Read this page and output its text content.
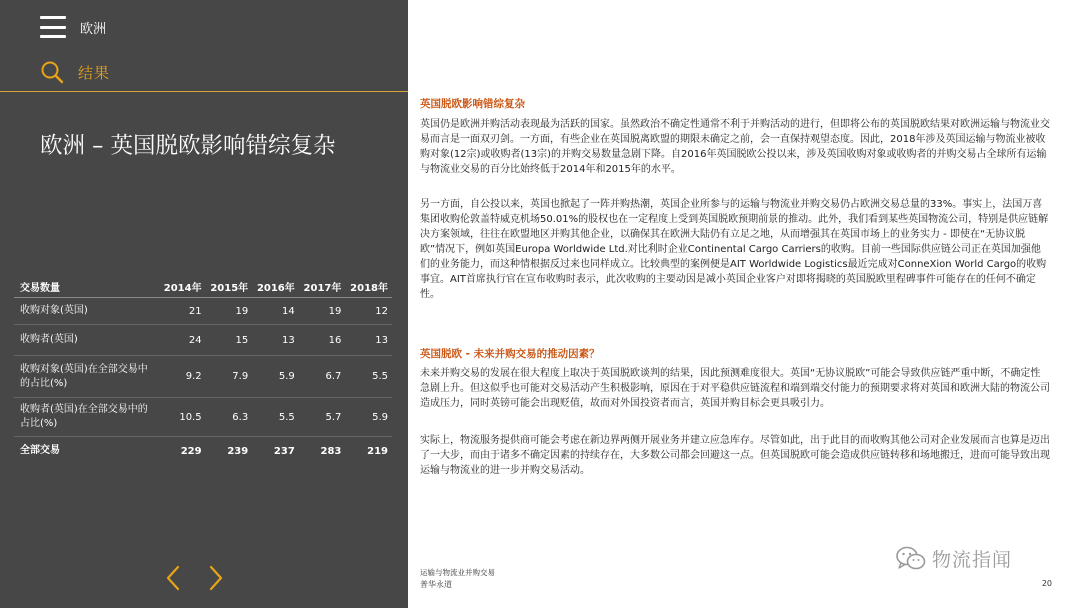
欧洲
结果
欧洲 – 英国脱欧影响错综复杂
交易数量	2014年	2015年	2016年	2017年	2018年
收购对象(英国)	21	19	14	19	12
收购者(英国)	24	15	13	16	13
收购对象(英国)在全部交易中的占比(%)	9.2	7.9	5.9	6.7	5.5
收购者(英国)在全部交易中的占比(%)	10.5	6.3	5.5	5.7	5.9
全部交易	229	239	237	283	219
英国脱欧影响错综复杂

英国仍是欧洲并购活动表现最为活跃的国家。虽然政治不确定性通常不利于并购活动的进行，但即将公布的英国脱欧结果对欧洲运输与物流业交易而言是一面双刃剑。一方面，有些企业在英国脱离欧盟的期限未确定之前，会一直保持观望态度。因此，2018年涉及英国运输与物流业被收购对象(12宗)或收购者(13宗)的并购交易数量急剧下降。自2016年英国脱欧公投以来，涉及英国收购对象或收购者的并购交易占全球所有运输与物流业交易的百分比始终低于2014年和2015年的水平。

另一方面，自公投以来，英国也掀起了一阵并购热潮，英国企业所参与的运输与物流业并购交易仍占欧洲交易总量的33%。事实上，法国万喜集团收购伦敦盖特威克机场50.01%的股权也在一定程度上受到英国脱欧预期前景的推动。此外，我们看到某些英国物流公司，特别是供应链解决方案领域，往往在欧盟地区并购其他企业，以确保其在欧洲大陆仍有立足之地，从而增强其在英国市场上的业务实力 - 即使在“无协议脱欧”情况下，例如英国Europa Worldwide Ltd.对比利时企业Continental Cargo Carriers的收购。目前一些国际供应链公司正在英国加强他们的业务能力，而这种情根据反过来也同样成立。比较典型的案例便是AIT Worldwide Logistics最近完成对ConneXion World Cargo的收购事宜。AIT首席执行官在宣布收购时表示，此次收购的主要动因是减小英国企业客户对即将揭晓的英国脱欧里程碑事件可能存在的任何不确定性。

英国脱欧 - 未来并购交易的推动因素？

未来并购交易的发展在很大程度上取决于英国脱欧谈判的结果，因此预测难度很大。英国“无协议脱欧”可能会导致供应链严重中断，不确定性急剧上升。但这似乎也可能对交易活动产生积极影响，原因在于对平稳供应链流程和端到端交付能力的预期要求将对英国和欧洲大陆的物流公司造成压力，同时英镑可能会出现贬值，故而对外国投资者而言，英国并购目标会更具吸引力。

实际上，物流服务提供商可能会考虑在新边界两侧开展业务并建立应急库存。尽管如此，出于此目的而收购其他公司对企业发展而言也算是迈出了一大步，而由于诸多不确定因素的持续存在，大多数公司都会回避这一点。但英国脱欧可能会造成供应链转移和场地搬迁，进而可能导致出现运输与物流业的进一步并购交易活动。

运输与物流业并购交易
普华永道	20
物流指闻
